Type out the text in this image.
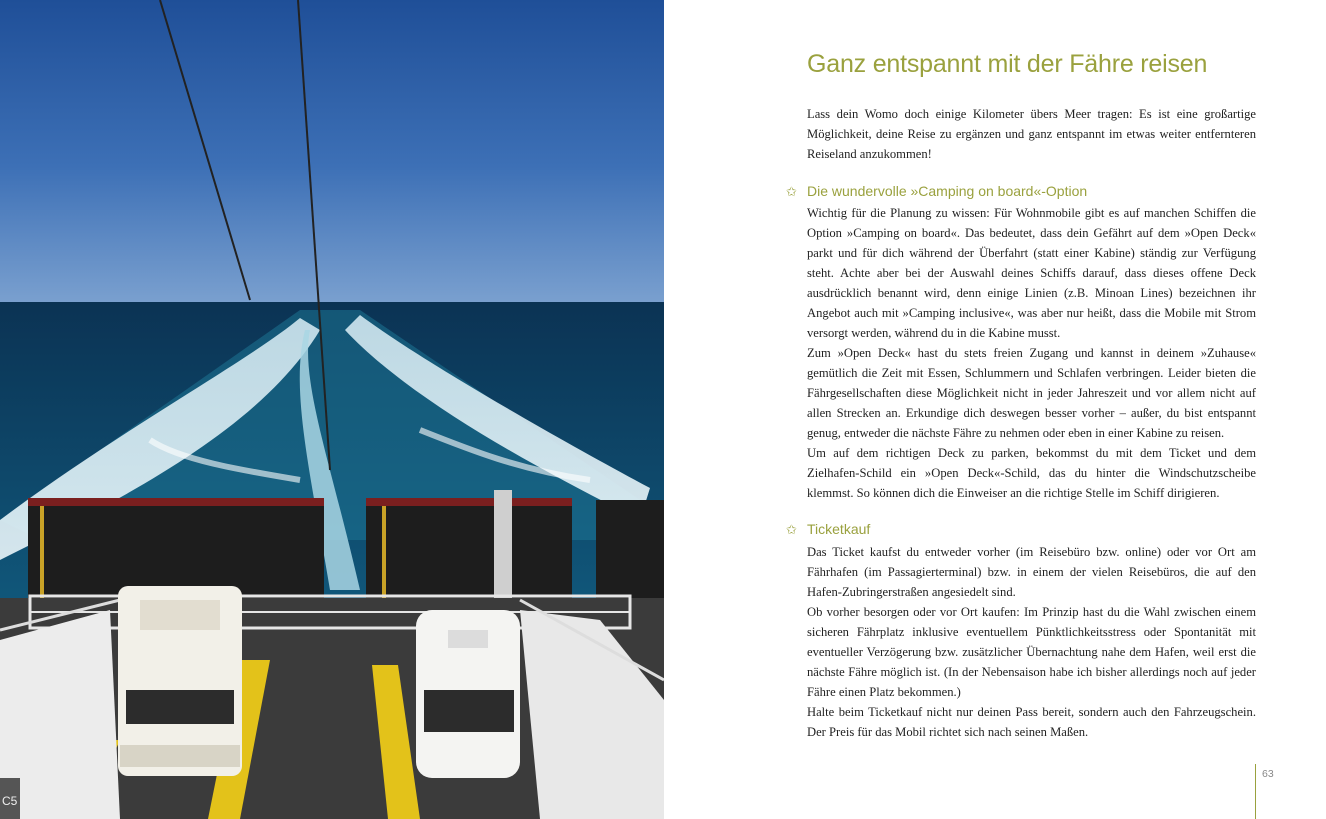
C5
Ganz entspannt mit der Fähre reisen

Lass dein Womo doch einige Kilometer übers Meer tragen: Es ist eine großartige Möglichkeit, deine Reise zu ergänzen und ganz entspannt im etwas weiter entfernteren Reiseland anzukommen!

✩ Die wundervolle »Camping on board«-Option

Wichtig für die Planung zu wissen: Für Wohnmobile gibt es auf manchen Schiffen die Option »Camping on board«. Das bedeutet, dass dein Gefährt auf dem »Open Deck« parkt und für dich während der Überfahrt (statt einer Kabine) ständig zur Verfügung steht. Achte aber bei der Auswahl deines Schiffs darauf, dass dieses offene Deck ausdrücklich benannt wird, denn einige Linien (z.B. Minoan Lines) bezeichnen ihr Angebot auch mit »Camping inclusive«, was aber nur heißt, dass die Mobile mit Strom versorgt werden, während du in die Kabine musst.

Zum »Open Deck« hast du stets freien Zugang und kannst in deinem »Zuhause« gemütlich die Zeit mit Essen, Schlummern und Schlafen verbringen. Leider bieten die Fährgesellschaften diese Möglichkeit nicht in jeder Jahreszeit und vor allem nicht auf allen Strecken an. Erkundige dich deswegen besser vorher – außer, du bist entspannt genug, entweder die nächste Fähre zu nehmen oder eben in einer Kabine zu reisen.

Um auf dem richtigen Deck zu parken, bekommst du mit dem Ticket und dem Zielhafen-Schild ein »Open Deck«-Schild, das du hinter die Windschutzscheibe klemmst. So können dich die Einweiser an die richtige Stelle im Schiff dirigieren.

✩ Ticketkauf

Das Ticket kaufst du entweder vorher (im Reisebüro bzw. online) oder vor Ort am Fährhafen (im Passagierterminal) bzw. in einem der vielen Reisebüros, die auf den Hafen-Zubringerstraßen angesiedelt sind.

Ob vorher besorgen oder vor Ort kaufen: Im Prinzip hast du die Wahl zwischen einem sicheren Fährplatz inklusive eventuellem Pünktlichkeitsstress oder Spontanität mit eventueller Verzögerung bzw. zusätzlicher Übernachtung nahe dem Hafen, weil erst die nächste Fähre möglich ist. (In der Nebensaison habe ich bisher allerdings noch auf jeder Fähre einen Platz bekommen.)

Halte beim Ticketkauf nicht nur deinen Pass bereit, sondern auch den Fahrzeugschein. Der Preis für das Mobil richtet sich nach seinen Maßen.

63
